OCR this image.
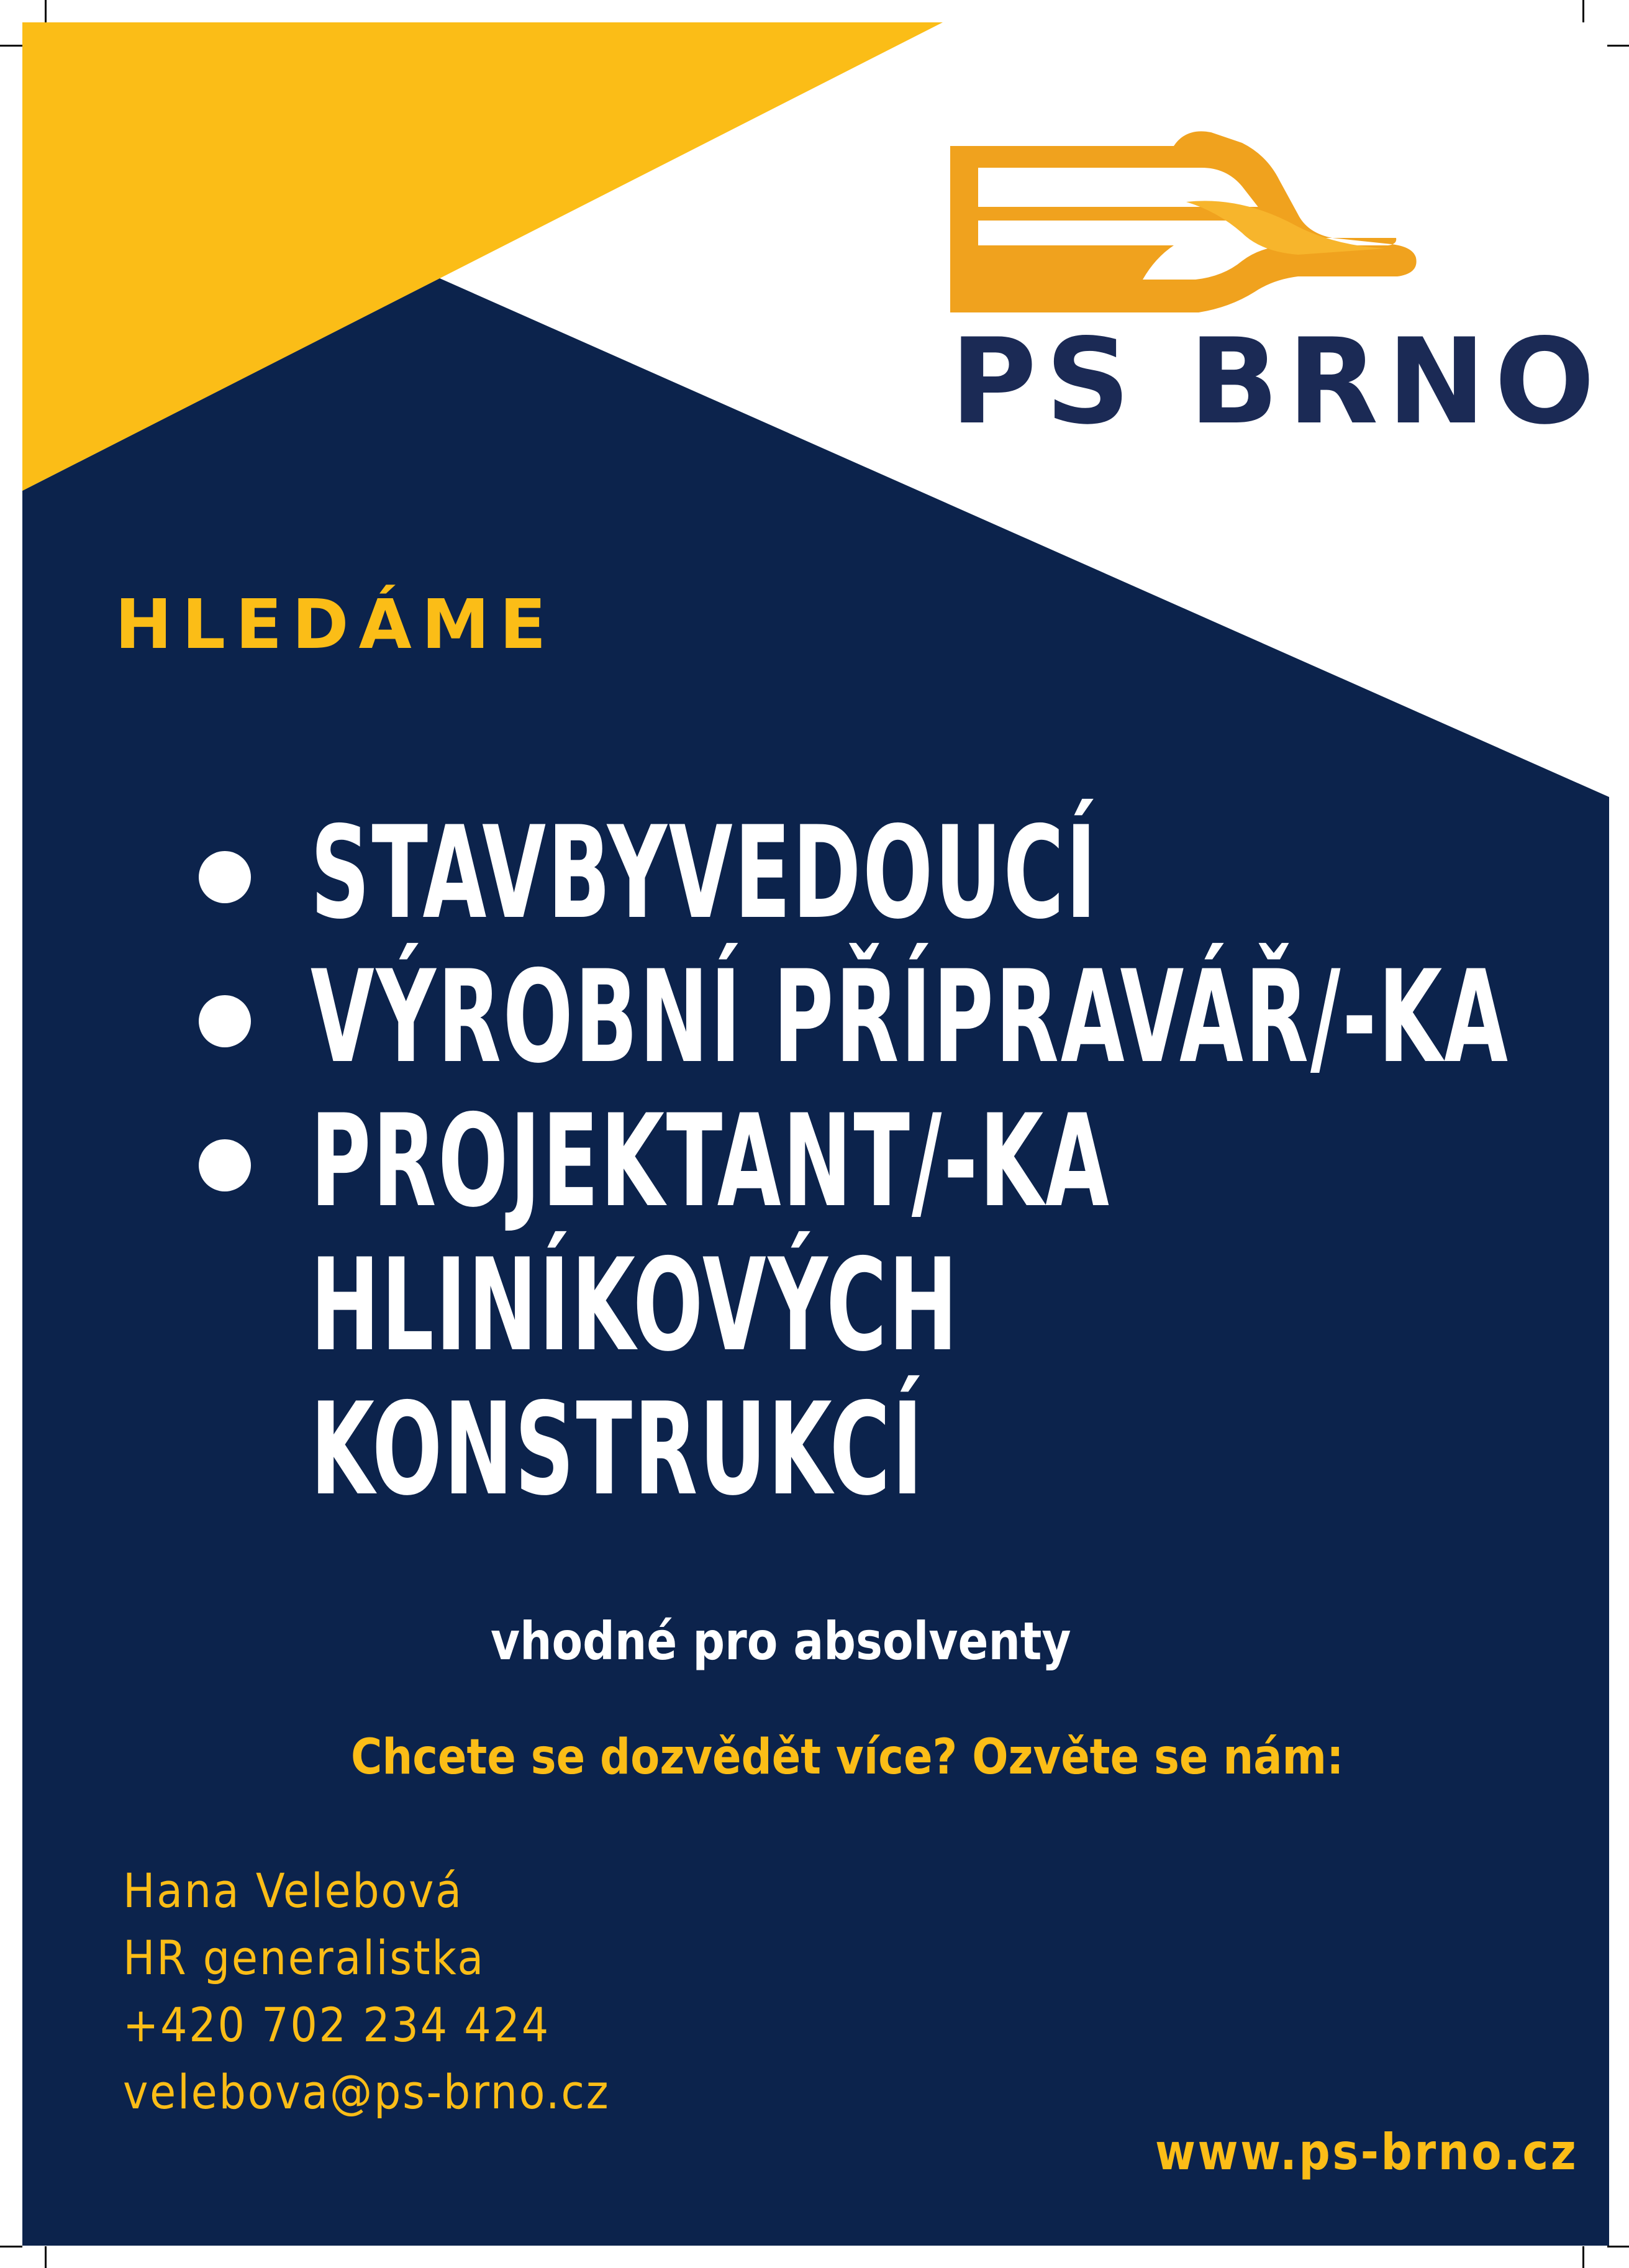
PS BRNO
HLEDÁME
STAVBYVEDOUCÍ
VÝROBNÍ PŘÍPRAVÁŘ/-KA
PROJEKTANT/-KA
HLINÍKOVÝCH
KONSTRUKCÍ
vhodné pro absolventy
Chcete se dozvědět více? Ozvěte se nám:
Hana Velebová
HR generalistka
+420 702 234 424
velebova@ps-brno.cz
www.ps-brno.cz
